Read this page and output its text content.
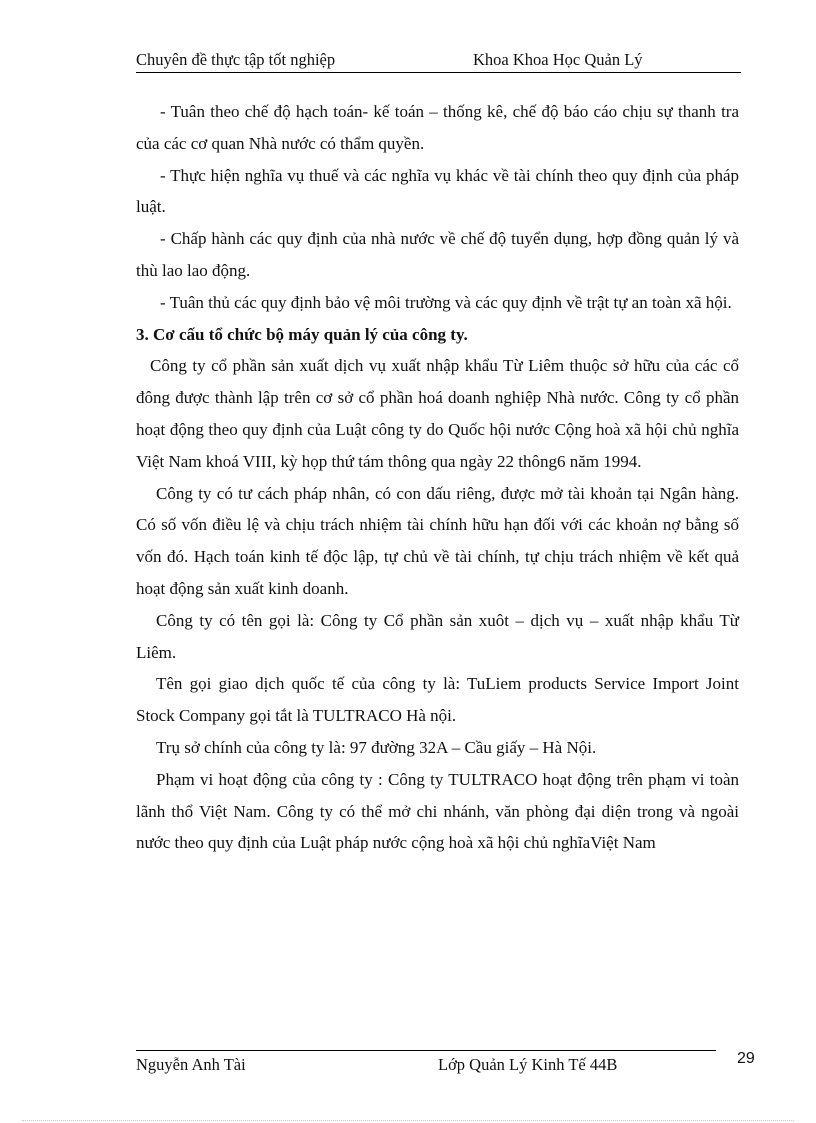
Chuyên đề thực tập tốt nghiệp	Khoa Khoa Học Quản Lý

- Tuân theo chế độ hạch toán- kế toán – thống kê, chế độ báo cáo chịu sự thanh tra của các cơ quan Nhà nước có thẩm quyền.

- Thực hiện nghĩa vụ thuế và các nghĩa vụ khác về tài chính theo quy định của pháp luật.

- Chấp hành các quy định của nhà nước về chế độ tuyển dụng, hợp đồng quản lý và thù lao lao động.

- Tuân thủ các quy định bảo vệ môi trường và các quy định về trật tự an toàn xã hội.

3. Cơ cấu tổ chức bộ máy quản lý của công ty.

Công ty cổ phần sản xuất dịch vụ xuất nhập khẩu Từ Liêm thuộc sở hữu của các cổ đông được thành lập trên cơ sở cổ phần hoá doanh nghiệp Nhà nước. Công ty cổ phần hoạt động theo quy định của Luật công ty do Quốc hội nước Cộng hoà xã hội chủ nghĩa Việt Nam khoá VIII, kỳ họp thứ tám thông qua ngày 22 thông6 năm 1994.

Công ty có tư cách pháp nhân, có con dấu riêng, được mở tài khoản tại Ngân hàng. Có số vốn điều lệ và chịu trách nhiệm tài chính hữu hạn đối với các khoản nợ bằng số vốn đó. Hạch toán kinh tế độc lập, tự chủ về tài chính, tự chịu trách nhiệm về kết quả hoạt động sản xuất kinh doanh.

Công ty có tên gọi là: Công ty Cổ phần sản xuôt – dịch vụ – xuất nhập khẩu Từ Liêm.

Tên gọi giao dịch quốc tế của công ty là: TuLiem products Service Import Joint Stock Company gọi tắt là TULTRACO Hà nội.

Trụ sở chính của công ty là: 97 đường 32A – Cầu giấy – Hà Nội.

Phạm vi hoạt động của công ty : Công ty TULTRACO hoạt động trên phạm vi toàn lãnh thổ Việt Nam. Công ty có thể mở chi nhánh, văn phòng đại diện trong và ngoài nước theo quy định của Luật pháp nước cộng hoà xã hội chủ nghĩaViệt Nam

Nguyễn Anh Tài	Lớp Quản Lý Kinh Tế 44B	29
